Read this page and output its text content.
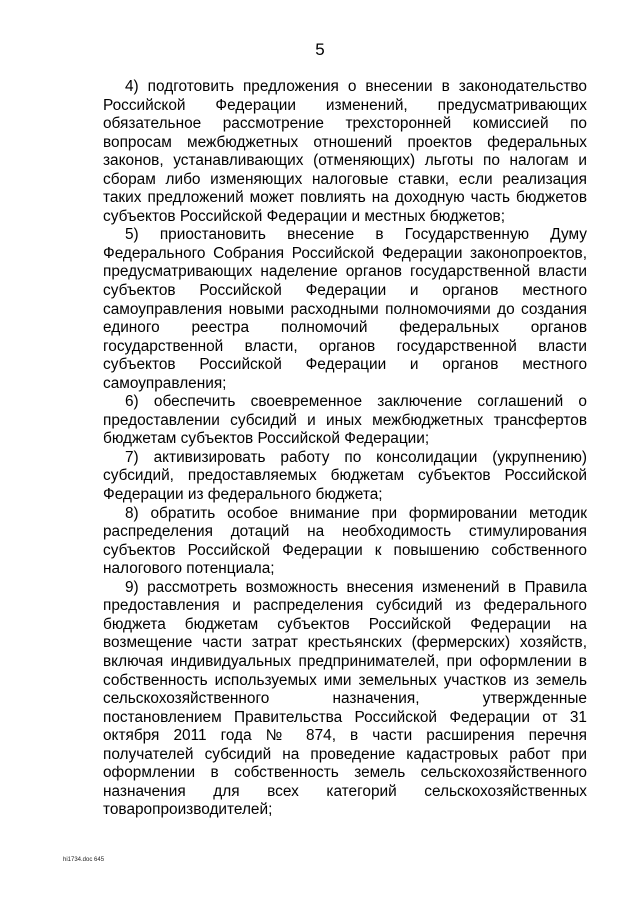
5

4) подготовить предложения о внесении в законодательство Российской Федерации изменений, предусматривающих обязательное рассмотрение трехсторонней комиссией по вопросам межбюджетных отношений проектов федеральных законов, устанавливающих (отменяющих) льготы по налогам и сборам либо изменяющих налоговые ставки, если реализация таких предложений может повлиять на доходную часть бюджетов субъектов Российской Федерации и местных бюджетов;

5) приостановить внесение в Государственную Думу Федерального Собрания Российской Федерации законопроектов, предусматривающих наделение органов государственной власти субъектов Российской Федерации и органов местного самоуправления новыми расходными полномочиями до создания единого реестра полномочий федеральных органов государственной власти, органов государственной власти субъектов Российской Федерации и органов местного самоуправления;

6) обеспечить своевременное заключение соглашений о предоставлении субсидий и иных межбюджетных трансфертов бюджетам субъектов Российской Федерации;

7) активизировать работу по консолидации (укрупнению) субсидий, предоставляемых бюджетам субъектов Российской Федерации из федерального бюджета;

8) обратить особое внимание при формировании методик распределения дотаций на необходимость стимулирования субъектов Российской Федерации к повышению собственного налогового потенциала;

9) рассмотреть возможность внесения изменений в Правила предоставления и распределения субсидий из федерального бюджета бюджетам субъектов Российской Федерации на возмещение части затрат крестьянских (фермерских) хозяйств, включая индивидуальных предпринимателей, при оформлении в собственность используемых ими земельных участков из земель сельскохозяйственного назначения, утвержденные постановлением Правительства Российской Федерации от 31 октября 2011 года № 874, в части расширения перечня получателей субсидий на проведение кадастровых работ при оформлении в собственность земель сельскохозяйственного назначения для всех категорий сельскохозяйственных товаропроизводителей;

hi1734.doc 645
